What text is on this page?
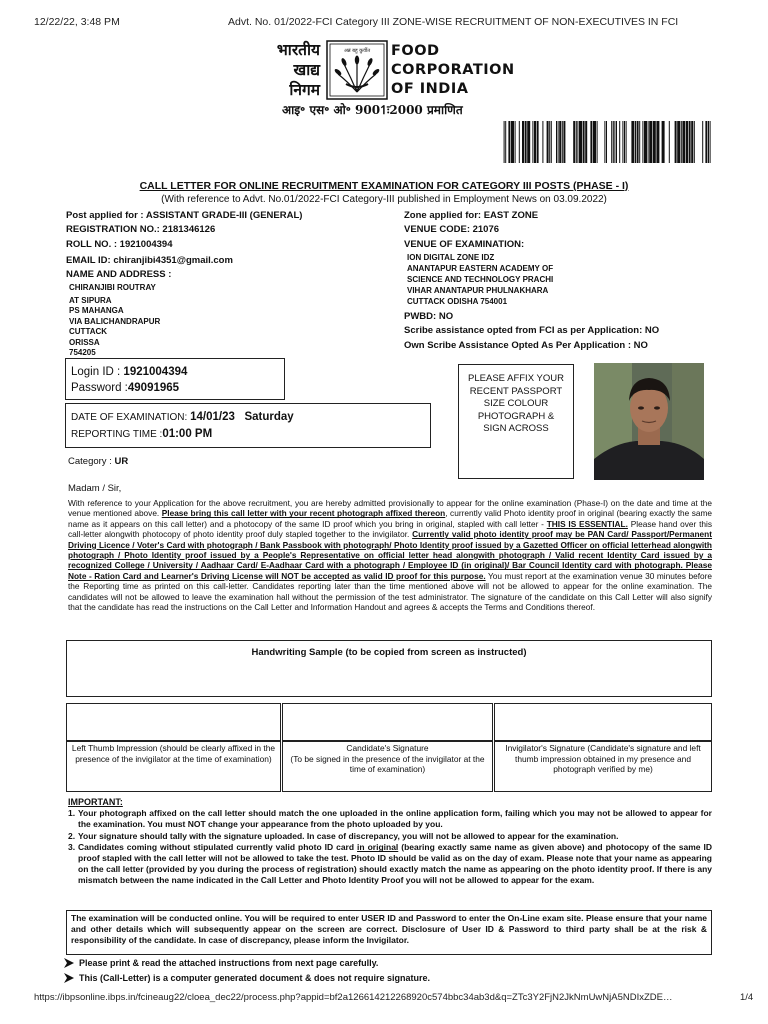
12/22/22, 3:48 PM	Advt. No. 01/2022-FCI Category III ZONE-WISE RECRUITMENT OF NON-EXECUTIVES IN FCI
भारतीय
खाद्य
निगम
अन्नं बहु कुर्वीत FOOD
CORPORATION
OF INDIA
आइ॰ एस॰ ओ॰ 9001ः2000 प्रमाणित
CALL LETTER FOR ONLINE RECRUITMENT EXAMINATION FOR CATEGORY III POSTS (PHASE - I)
(With reference to Advt. No.01/2022-FCI Category-III published in Employment News on 03.09.2022)
Post applied for : ASSISTANT GRADE-III (GENERAL)
REGISTRATION NO.: 2181346126
ROLL NO. : 1921004394
EMAIL ID: chiranjibi4351@gmail.com
NAME AND ADDRESS :
CHIRANJIBI ROUTRAY
AT SIPURA
PS MAHANGA
VIA BALICHANDRAPUR
CUTTACK
ORISSA
754205
Zone applied for: EAST ZONE
VENUE CODE: 21076
VENUE OF EXAMINATION:
ION DIGITAL ZONE IDZ
ANANTAPUR EASTERN ACADEMY OF
SCIENCE AND TECHNOLOGY PRACHI
VIHAR ANANTAPUR PHULNAKHARA
CUTTACK ODISHA 754001
PWBD: NO
Scribe assistance opted from FCI as per Application: NO
Own Scribe Assistance Opted As Per Application : NO
Login ID : 1921004394
Password :49091965
DATE OF EXAMINATION: 14/01/23   Saturday
REPORTING TIME :01:00 PM
PLEASE AFFIX YOUR RECENT PASSPORT SIZE COLOUR PHOTOGRAPH & SIGN ACROSS
Category : UR
Madam / Sir,
With reference to your Application for the above recruitment, you are hereby admitted provisionally to appear for the online examination (Phase-I) on the date and time at the venue mentioned above. Please bring this call letter with your recent photograph affixed thereon, currently valid Photo identity proof in original (bearing exactly the same name as it appears on this call letter) and a photocopy of the same ID proof which you bring in original, stapled with call letter - THIS IS ESSENTIAL. Please hand over this call-letter alongwith photocopy of photo identity proof duly stapled together to the invigilator. Currently valid photo identity proof may be PAN Card/ Passport/Permanent Driving Licence / Voter's Card with photograph / Bank Passbook with photograph/ Photo Identity proof issued by a Gazetted Officer on official letterhead alongwith photograph / Photo Identity proof issued by a People's Representative on official letter head alongwith photograph / Valid recent Identity Card issued by a recognized College / University / Aadhaar Card/ E-Aadhaar Card with a photograph / Employee ID (in original)/ Bar Council Identity card with photograph. Please Note - Ration Card and Learner's Driving License will NOT be accepted as valid ID proof for this purpose. You must report at the examination venue 30 minutes before the Reporting time as printed on this call-letter. Candidates reporting later than the time mentioned above will not be allowed to appear for the online examination. The candidates will not be allowed to leave the examination hall without the permission of the test administrator. The signature of the candidate on this Call Letter will also signify that the candidate has read the instructions on the Call Letter and Information Handout and agrees & accepts the Terms and Conditions thereof.
Handwriting Sample (to be copied from screen as instructed)
Left Thumb Impression (should be clearly affixed in the presence of the invigilator at the time of examination)
Candidate's Signature
(To be signed in the presence of the invigilator at the time of examination)
Invigilator's Signature (Candidate's signature and left thumb impression obtained in my presence and photograph verified by me)
IMPORTANT:
1. Your photograph affixed on the call letter should match the one uploaded in the online application form, failing which you may not be allowed to appear for the examination. You must NOT change your appearance from the photo uploaded by you.
2. Your signature should tally with the signature uploaded. In case of discrepancy, you will not be allowed to appear for the examination.
3. Candidates coming without stipulated currently valid photo ID card in original (bearing exactly same name as given above) and photocopy of the same ID proof stapled with the call letter will not be allowed to take the test. Photo ID should be valid as on the day of exam. Please note that your name as appearing on the call letter (provided by you during the process of registration) should exactly match the name as appearing on the photo identity proof. If there is any mismatch between the name indicated in the Call Letter and Photo Identity Proof you will not be allowed to appear for the exam.
The examination will be conducted online. You will be required to enter USER ID and Password to enter the On-Line exam site. Please ensure that your name and other details which will subsequently appear on the screen are correct. Disclosure of User ID & Password to third party shall be at the risk & responsibility of the candidate. In case of discrepancy, please inform the Invigilator.
Please print & read the attached instructions from next page carefully.
This (Call-Letter) is a computer generated document & does not require signature.
https://ibpsonline.ibps.in/fcineaug22/cloea_dec22/process.php?appid=bf2a126614212268920c574bbc34ab3d&q=ZTc3Y2FjN2JkNmUwNjA5NDIxZDE…	1/4
